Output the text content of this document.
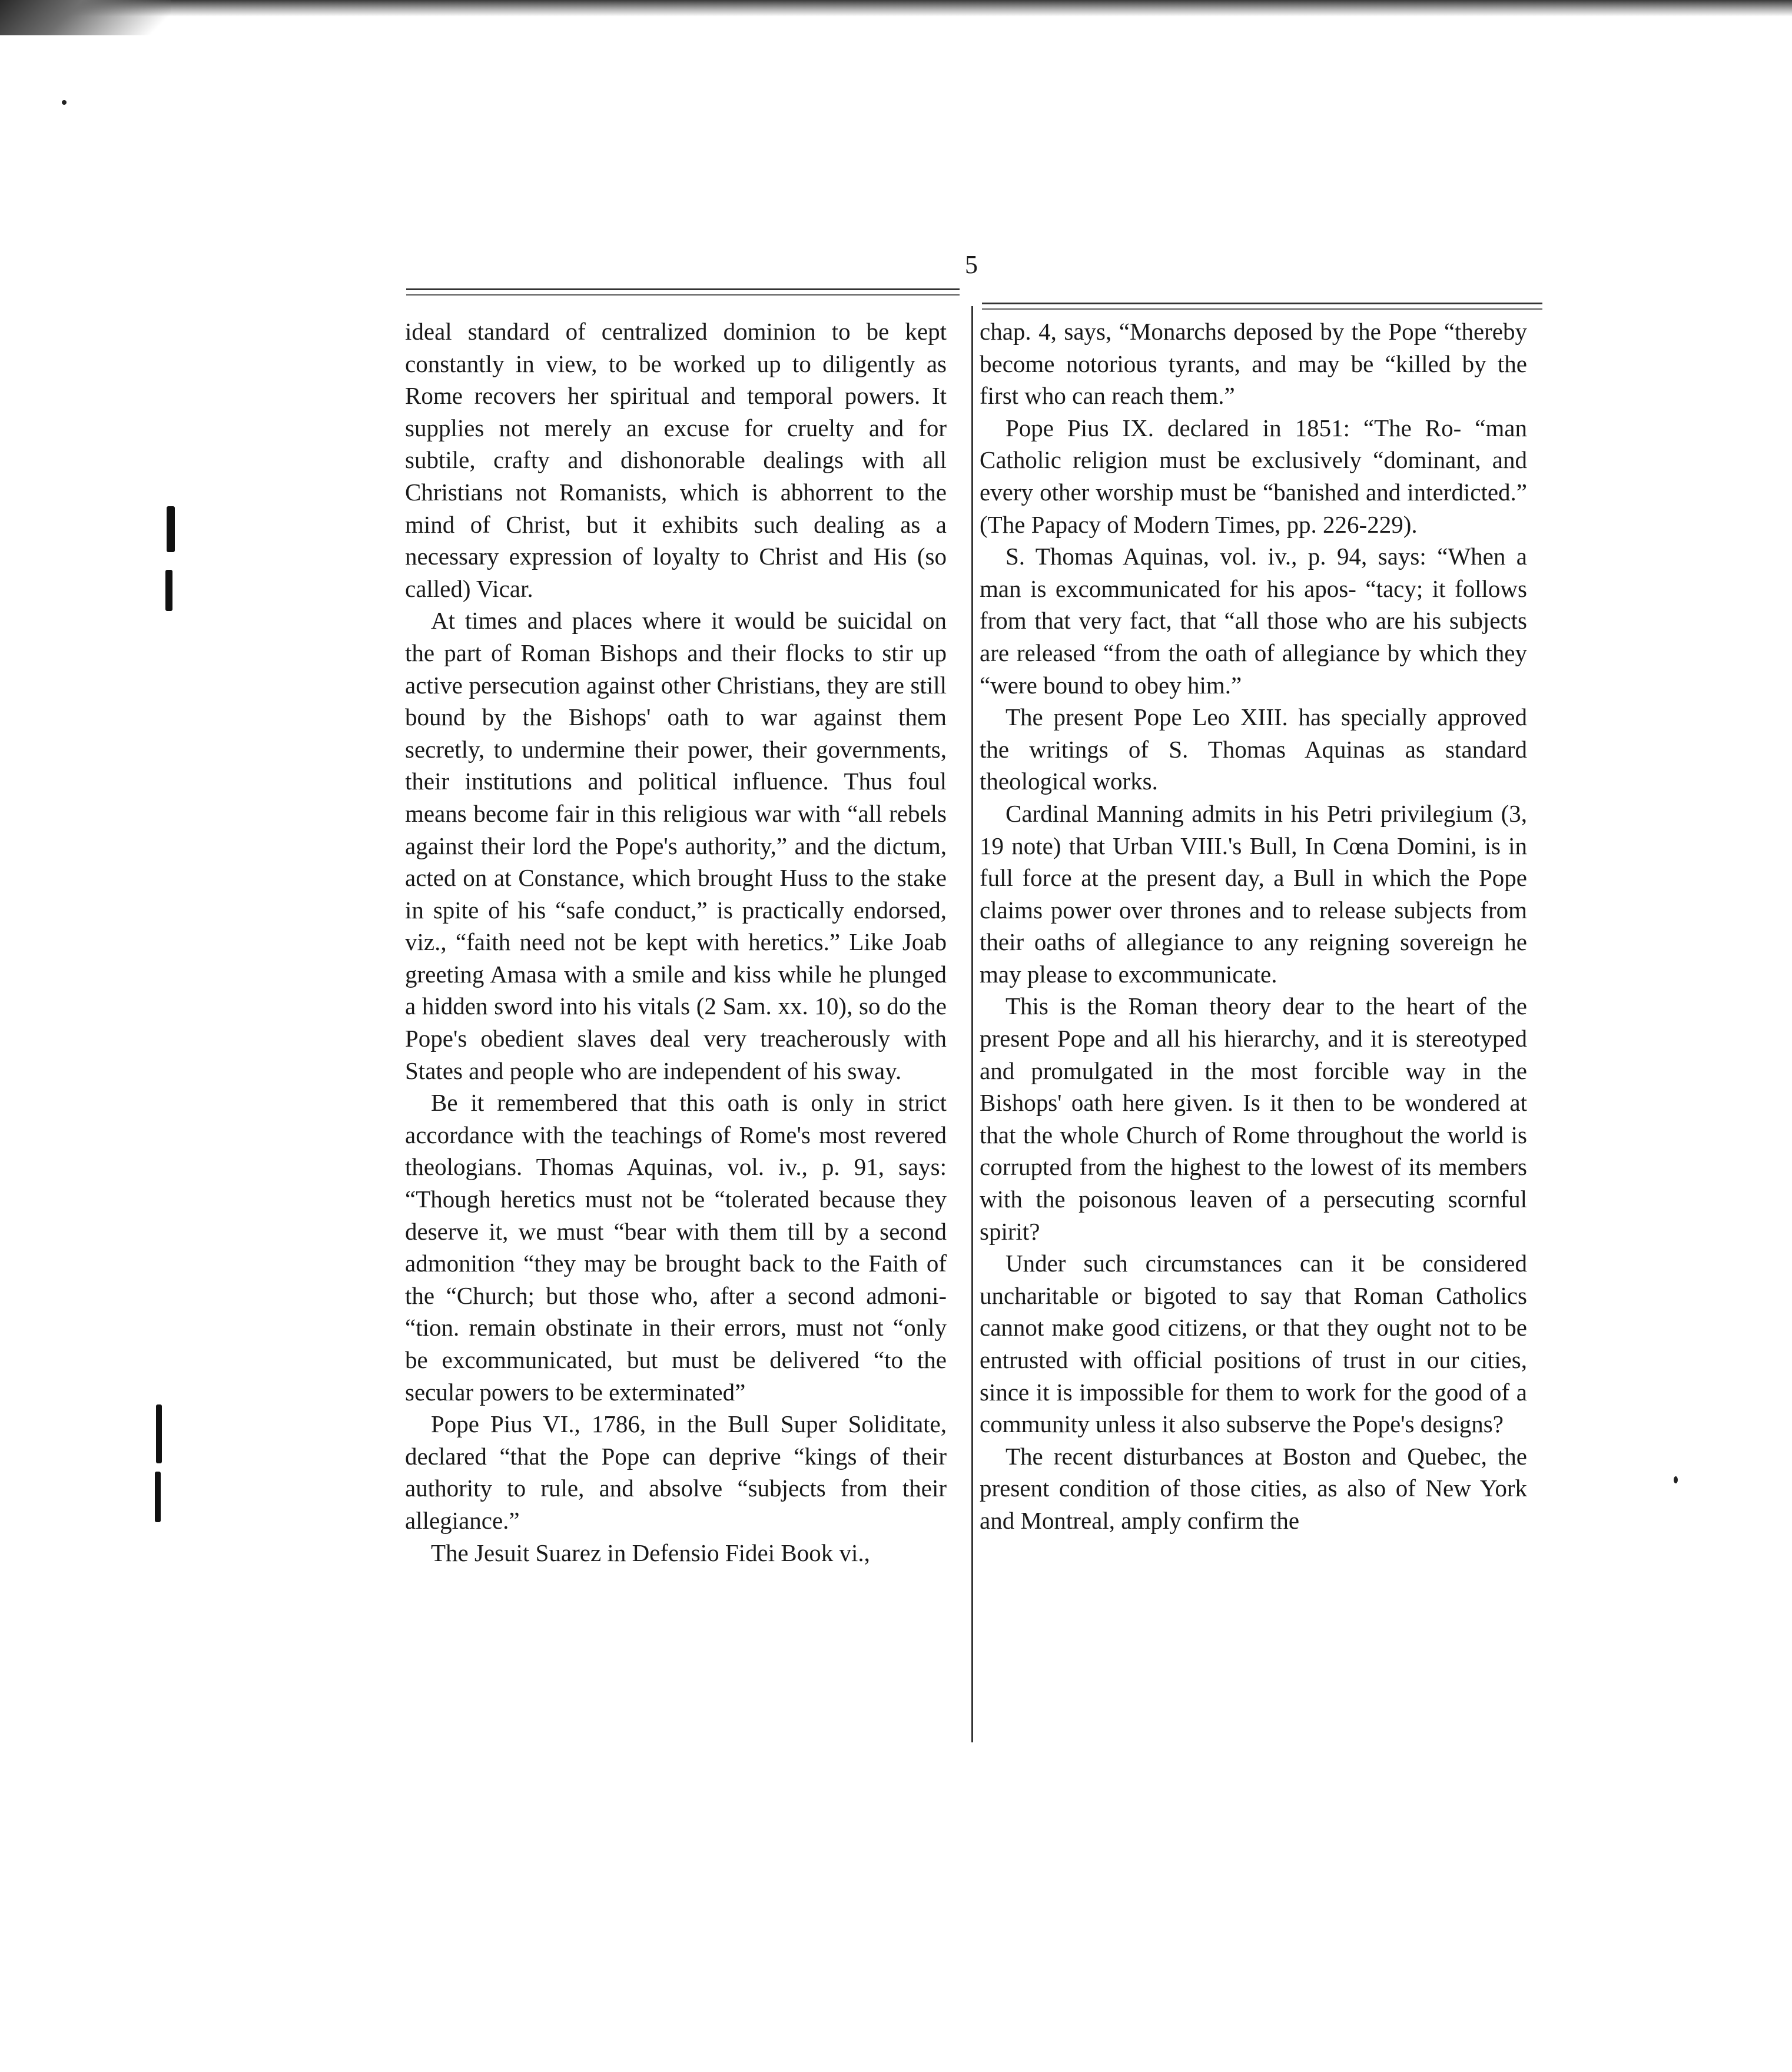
5

ideal standard of centralized dominion to be kept constantly in view, to be worked up to diligently as Rome recovers her spiritual and temporal powers. It supplies not merely an excuse for cruelty and for subtile, crafty and dishonorable dealings with all Christians not Romanists, which is abhorrent to the mind of Christ, but it exhibits such dealing as a necessary expression of loyalty to Christ and His (so called) Vicar.

At times and places where it would be suicidal on the part of Roman Bishops and their flocks to stir up active persecution against other Christians, they are still bound by the Bishops' oath to war against them secretly, to undermine their power, their governments, their institutions and political influence. Thus foul means become fair in this religious war with “all rebels against their lord the Pope's authority,” and the dictum, acted on at Constance, which brought Huss to the stake in spite of his “safe conduct,” is practically endorsed, viz., “faith need not be kept with heretics.” Like Joab greeting Amasa with a smile and kiss while he plunged a hidden sword into his vitals (2 Sam. xx. 10), so do the Pope's obedient slaves deal very treacherously with States and people who are independent of his sway.

Be it remembered that this oath is only in strict accordance with the teachings of Rome's most revered theologians. Thomas Aquinas, vol. iv., p. 91, says: “Though heretics must not be “tolerated because they deserve it, we must “bear with them till by a second admonition “they may be brought back to the Faith of the “Church; but those who, after a second admoni- “tion. remain obstinate in their errors, must not “only be excommunicated, but must be delivered “to the secular powers to be exterminated”

Pope Pius VI., 1786, in the Bull Super Soliditate, declared “that the Pope can deprive “kings of their authority to rule, and absolve “subjects from their allegiance.”

The Jesuit Suarez in Defensio Fidei Book vi.,

chap. 4, says, “Monarchs deposed by the Pope “thereby become notorious tyrants, and may be “killed by the first who can reach them.”

Pope Pius IX. declared in 1851: “The Ro- “man Catholic religion must be exclusively “dominant, and every other worship must be “banished and interdicted.” (The Papacy of Modern Times, pp. 226-229).

S. Thomas Aquinas, vol. iv., p. 94, says: “When a man is excommunicated for his apos- “tacy; it follows from that very fact, that “all those who are his subjects are released “from the oath of allegiance by which they “were bound to obey him.”

The present Pope Leo XIII. has specially approved the writings of S. Thomas Aquinas as standard theological works.

Cardinal Manning admits in his Petri privilegium (3, 19 note) that Urban VIII.'s Bull, In Cœna Domini, is in full force at the present day, a Bull in which the Pope claims power over thrones and to release subjects from their oaths of allegiance to any reigning sovereign he may please to excommunicate.

This is the Roman theory dear to the heart of the present Pope and all his hierarchy, and it is stereotyped and promulgated in the most forcible way in the Bishops' oath here given. Is it then to be wondered at that the whole Church of Rome throughout the world is corrupted from the highest to the lowest of its members with the poisonous leaven of a persecuting scornful spirit?

Under such circumstances can it be considered uncharitable or bigoted to say that Roman Catholics cannot make good citizens, or that they ought not to be entrusted with official positions of trust in our cities, since it is impossible for them to work for the good of a community unless it also subserve the Pope's designs?

The recent disturbances at Boston and Quebec, the present condition of those cities, as also of New York and Montreal, amply confirm the
